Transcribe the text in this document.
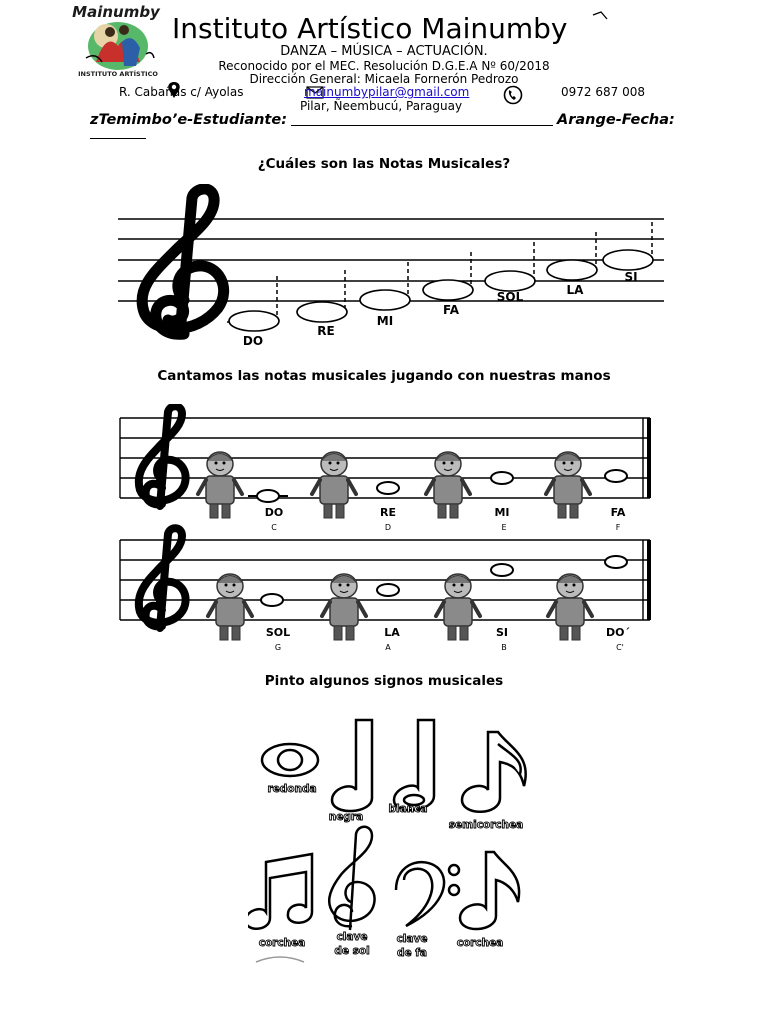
Mainumby
INSTITUTO ARTÍSTICO
Instituto Artístico Mainumby
DANZA – MÚSICA – ACTUACIÓN.
Reconocido por el MEC. Resolución D.G.E.A Nº 60/2018
Dirección General: Micaela Fornerón Pedrozo
R. Cabañas c/ Ayolas	mainumbypilar@gmail.com	0972 687 008
Pilar, Ñeembucú, Paraguay
zTemimbo’e-Estudiante:	Arange-Fecha:
¿Cuáles son las Notas Musicales?
DO
RE
MI
FA
SOL	LA
SI
Cantamos las notas musicales jugando con nuestras manos
DO	RE	MI	FA
C	D	E	F
SOL	LA	SI	DO´
G	A	B	C'
Pinto algunos signos musicales
redonda
negra
blanca
semicorchea
corchea	clave
de sol
clave
de fa
corchea
